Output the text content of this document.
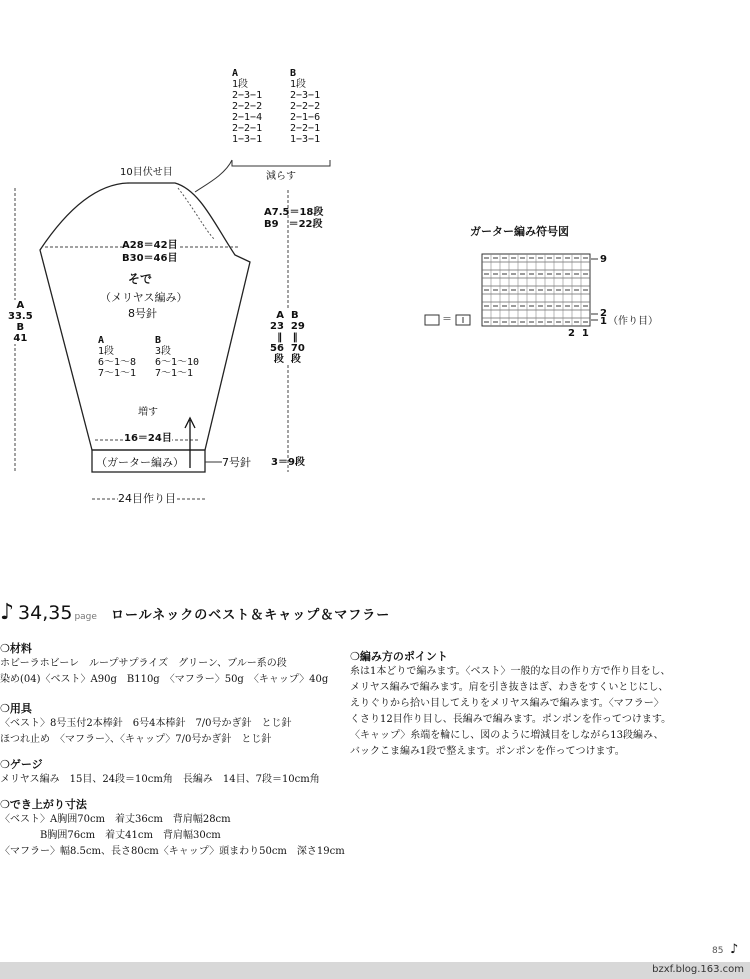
A
1段
2−3−1
2−2−2
2−1−4
2−2−1
1−3−1
B
1段
2−3−1
2−2−2
2−1−6
2−2−1
1−3−1
減らす
10目伏せ目
A7.5＝18段
B9　＝22段
A28＝42目
B30＝46目
そで
（メリヤス編み）
8号針
A
33.5
B
41
A B
23 29
‖   ‖
56 70
段 段
A
1段
6〜1〜8
7〜1〜1
B
3段
6〜1〜10
7〜1〜1
増す
16＝24目
（ガーター編み）	7号針 3＝9段
24目作り目
ガーター編み符号図
9
2
1 （作り目）
2  1
＝
♪ 34,35 page ロールネックのベスト＆キャップ＆マフラー
❍材料
ホビーラホビーレ　ループサプライズ　グリーン、ブルー系の段
染め(04)〈ベスト〉A90g　B110g　〈マフラー〉50g　〈キャップ〉40g
❍用具
〈ベスト〉8号玉付2本棒針　6号4本棒針　7/0号かぎ針　とじ針
ほつれ止め　〈マフラー〉、〈キャップ〉7/0号かぎ針　とじ針
❍ゲージ
メリヤス編み　15目、24段＝10cm角　長編み　14目、7段＝10cm角
❍でき上がり寸法
〈ベスト〉A胸囲70cm　着丈36cm　背肩幅28cm
　　　　B胸囲76cm　着丈41cm　背肩幅30cm
〈マフラー〉幅8.5cm、長さ80cm〈キャップ〉頭まわり50cm　深さ19cm
❍編み方のポイント
糸は1本どりで編みます。〈ベスト〉一般的な目の作り方で作り目をし、
メリヤス編みで編みます。肩を引き抜きはぎ、わきをすくいとじにし、
えりぐりから拾い目してえりをメリヤス編みで編みます。〈マフラー〉
くさり12目作り目し、長編みで編みます。ポンポンを作ってつけます。
〈キャップ〉糸端を輪にし、図のように増減目をしながら13段編み、
バックこま編み1段で整えます。ポンポンを作ってつけます。
85 ♪
bzxf.blog.163.com
